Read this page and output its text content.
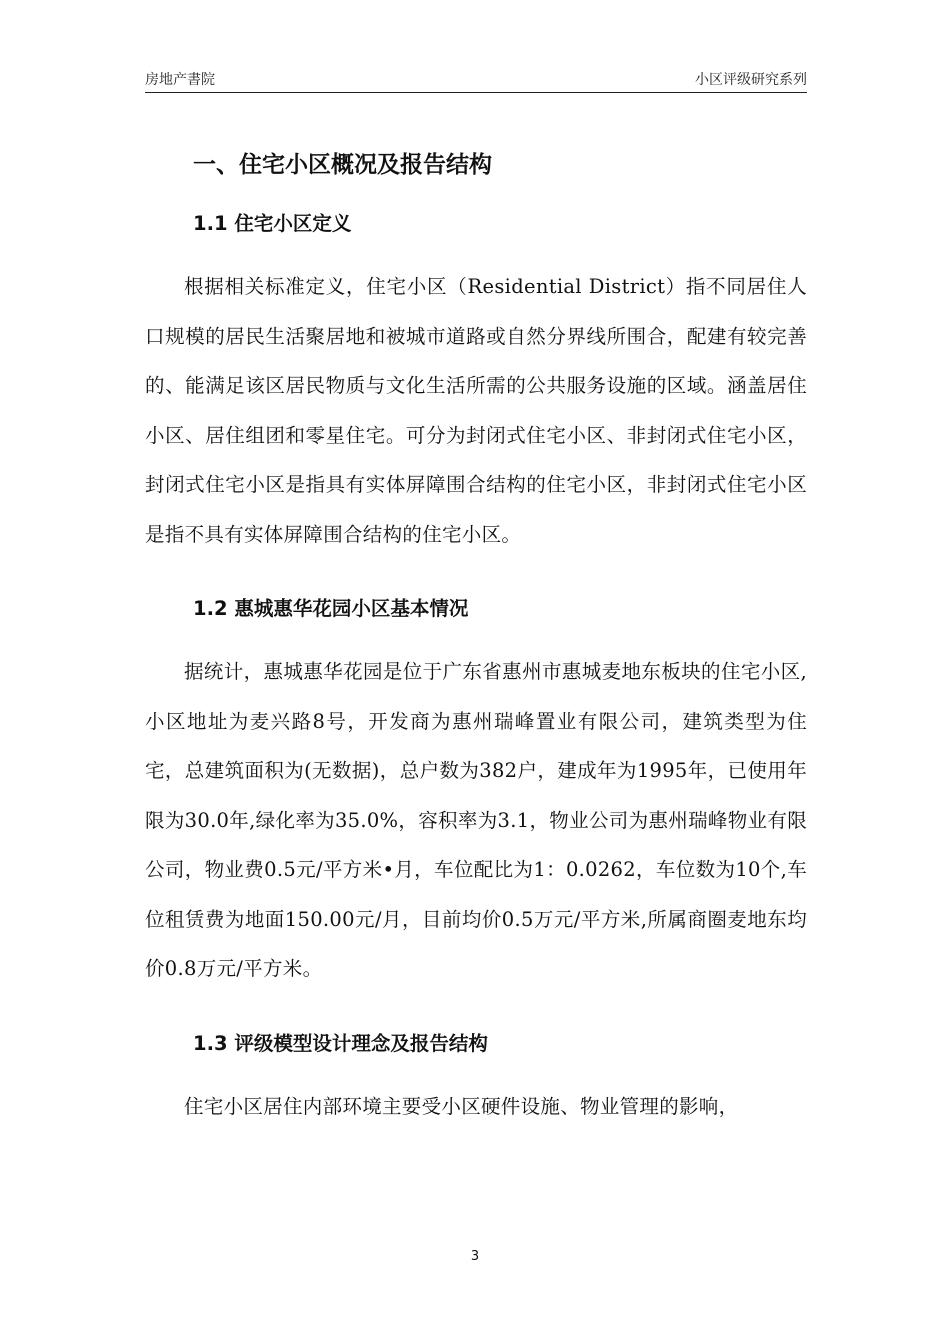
房地产書院	小区评级研究系列
一、住宅小区概况及报告结构
1.1 住宅小区定义

根据相关标准定义，住宅小区（Residential District）指不同居住人口规模的居民生活聚居地和被城市道路或自然分界线所围合，配建有较完善的、能满足该区居民物质与文化生活所需的公共服务设施的区域。涵盖居住小区、居住组团和零星住宅。可分为封闭式住宅小区、非封闭式住宅小区，封闭式住宅小区是指具有实体屏障围合结构的住宅小区，非封闭式住宅小区是指不具有实体屏障围合结构的住宅小区。

1.2 惠城惠华花园小区基本情况

据统计，惠城惠华花园是位于广东省惠州市惠城麦地东板块的住宅小区,小区地址为麦兴路8号，开发商为惠州瑞峰置业有限公司，建筑类型为住宅，总建筑面积为(无数据)，总户数为382户，建成年为1995年，已使用年限为30.0年,绿化率为35.0%，容积率为3.1，物业公司为惠州瑞峰物业有限公司，物业费0.5元/平方米•月，车位配比为1：0.0262，车位数为10个,车位租赁费为地面150.00元/月，目前均价0.5万元/平方米,所属商圈麦地东均价0.8万元/平方米。

1.3 评级模型设计理念及报告结构

住宅小区居住内部环境主要受小区硬件设施、物业管理的影响，

3
